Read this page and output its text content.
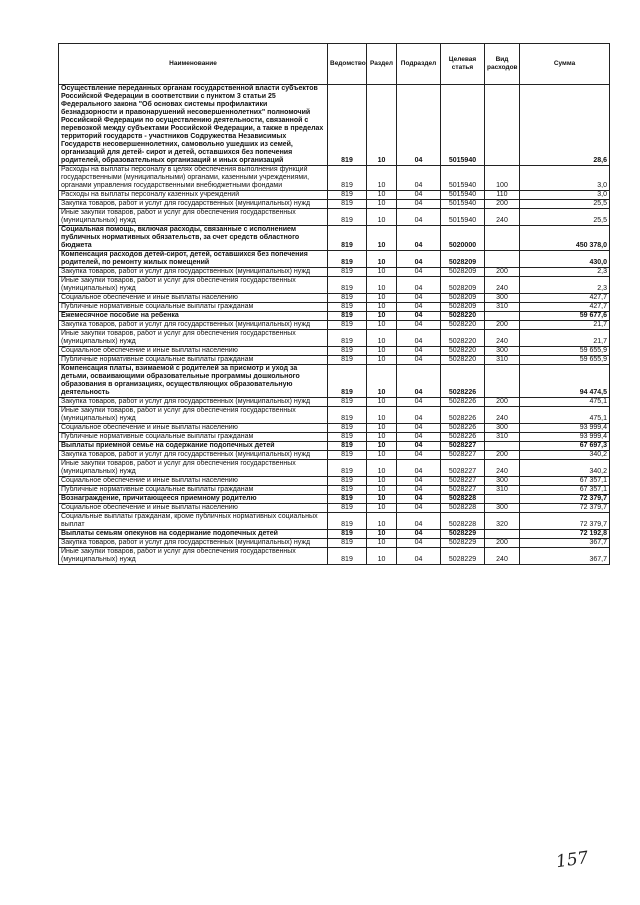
Наименование	Ведомство	Раздел	Подраздел	Целевая статья	Вид расходов	Сумма
Осуществление переданных органам государственной власти субъектов Российской Федерации в соответствии с пунктом 3 статьи 25 Федерального закона "Об основах системы профилактики безнадзорности и правонарушений несовершеннолетних" полномочий Российской Федерации по осуществлению деятельности, связанной с перевозкой между субъектами Российской Федерации, а также в пределах территорий государств - участников Содружества Независимых Государств несовершеннолетних, самовольно ушедших из семей, организаций для детей- сирот и детей, оставшихся без попечения родителей, образовательных организаций и иных организаций	819	10	04	5015940		28,6
Расходы на выплаты персоналу в целях обеспечения выполнения функций государственными (муниципальными) органами, казенными учреждениями, органами управления государственными внебюджетными фондами	819	10	04	5015940	100	3,0
Расходы на выплаты персоналу казенных учреждений	819	10	04	5015940	110	3,0
Закупка товаров, работ и услуг для государственных (муниципальных) нужд	819	10	04	5015940	200	25,5
Иные закупки товаров, работ и услуг для обеспечения государственных (муниципальных) нужд	819	10	04	5015940	240	25,5
Социальная помощь, включая расходы, связанные с исполнением публичных нормативных обязательств, за счет средств областного бюджета	819	10	04	5020000		450 378,0
Компенсация расходов детей-сирот, детей, оставшихся без попечения родителей, по ремонту жилых помещений	819	10	04	5028209		430,0
Закупка товаров, работ и услуг для государственных (муниципальных) нужд	819	10	04	5028209	200	2,3
Иные закупки товаров, работ и услуг для обеспечения государственных (муниципальных) нужд	819	10	04	5028209	240	2,3
Социальное обеспечение и иные выплаты населению	819	10	04	5028209	300	427,7
Публичные нормативные социальные выплаты гражданам	819	10	04	5028209	310	427,7
Ежемесячное пособие на ребенка	819	10	04	5028220		59 677,6
Закупка товаров, работ и услуг для государственных (муниципальных) нужд	819	10	04	5028220	200	21,7
Иные закупки товаров, работ и услуг для обеспечения государственных (муниципальных) нужд	819	10	04	5028220	240	21,7
Социальное обеспечение и иные выплаты населению	819	10	04	5028220	300	59 655,9
Публичные нормативные социальные выплаты гражданам	819	10	04	5028220	310	59 655,9
Компенсация платы, взимаемой с родителей за присмотр и уход за детьми, осваивающими образовательные программы дошкольного образования в организациях, осуществляющих образовательную деятельность	819	10	04	5028226		94 474,5
Закупка товаров, работ и услуг для государственных (муниципальных) нужд	819	10	04	5028226	200	475,1
Иные закупки товаров, работ и услуг для обеспечения государственных (муниципальных) нужд	819	10	04	5028226	240	475,1
Социальное обеспечение и иные выплаты населению	819	10	04	5028226	300	93 999,4
Публичные нормативные социальные выплаты гражданам	819	10	04	5028226	310	93 999,4
Выплаты приемной семье на содержание подопечных детей	819	10	04	5028227		67 697,3
Закупка товаров, работ и услуг для государственных (муниципальных) нужд	819	10	04	5028227	200	340,2
Иные закупки товаров, работ и услуг для обеспечения государственных (муниципальных) нужд	819	10	04	5028227	240	340,2
Социальное обеспечение и иные выплаты населению	819	10	04	5028227	300	67 357,1
Публичные нормативные социальные выплаты гражданам	819	10	04	5028227	310	67 357,1
Вознаграждение, причитающееся приемному родителю	819	10	04	5028228		72 379,7
Социальное обеспечение и иные выплаты населению	819	10	04	5028228	300	72 379,7
Социальные выплаты гражданам, кроме публичных нормативных социальных выплат	819	10	04	5028228	320	72 379,7
Выплаты семьям опекунов на содержание подопечных детей	819	10	04	5028229		72 192,8
Закупка товаров, работ и услуг для государственных (муниципальных) нужд	819	10	04	5028229	200	367,7
Иные закупки товаров, работ и услуг для обеспечения государственных (муниципальных) нужд	819	10	04	5028229	240	367,7
157
